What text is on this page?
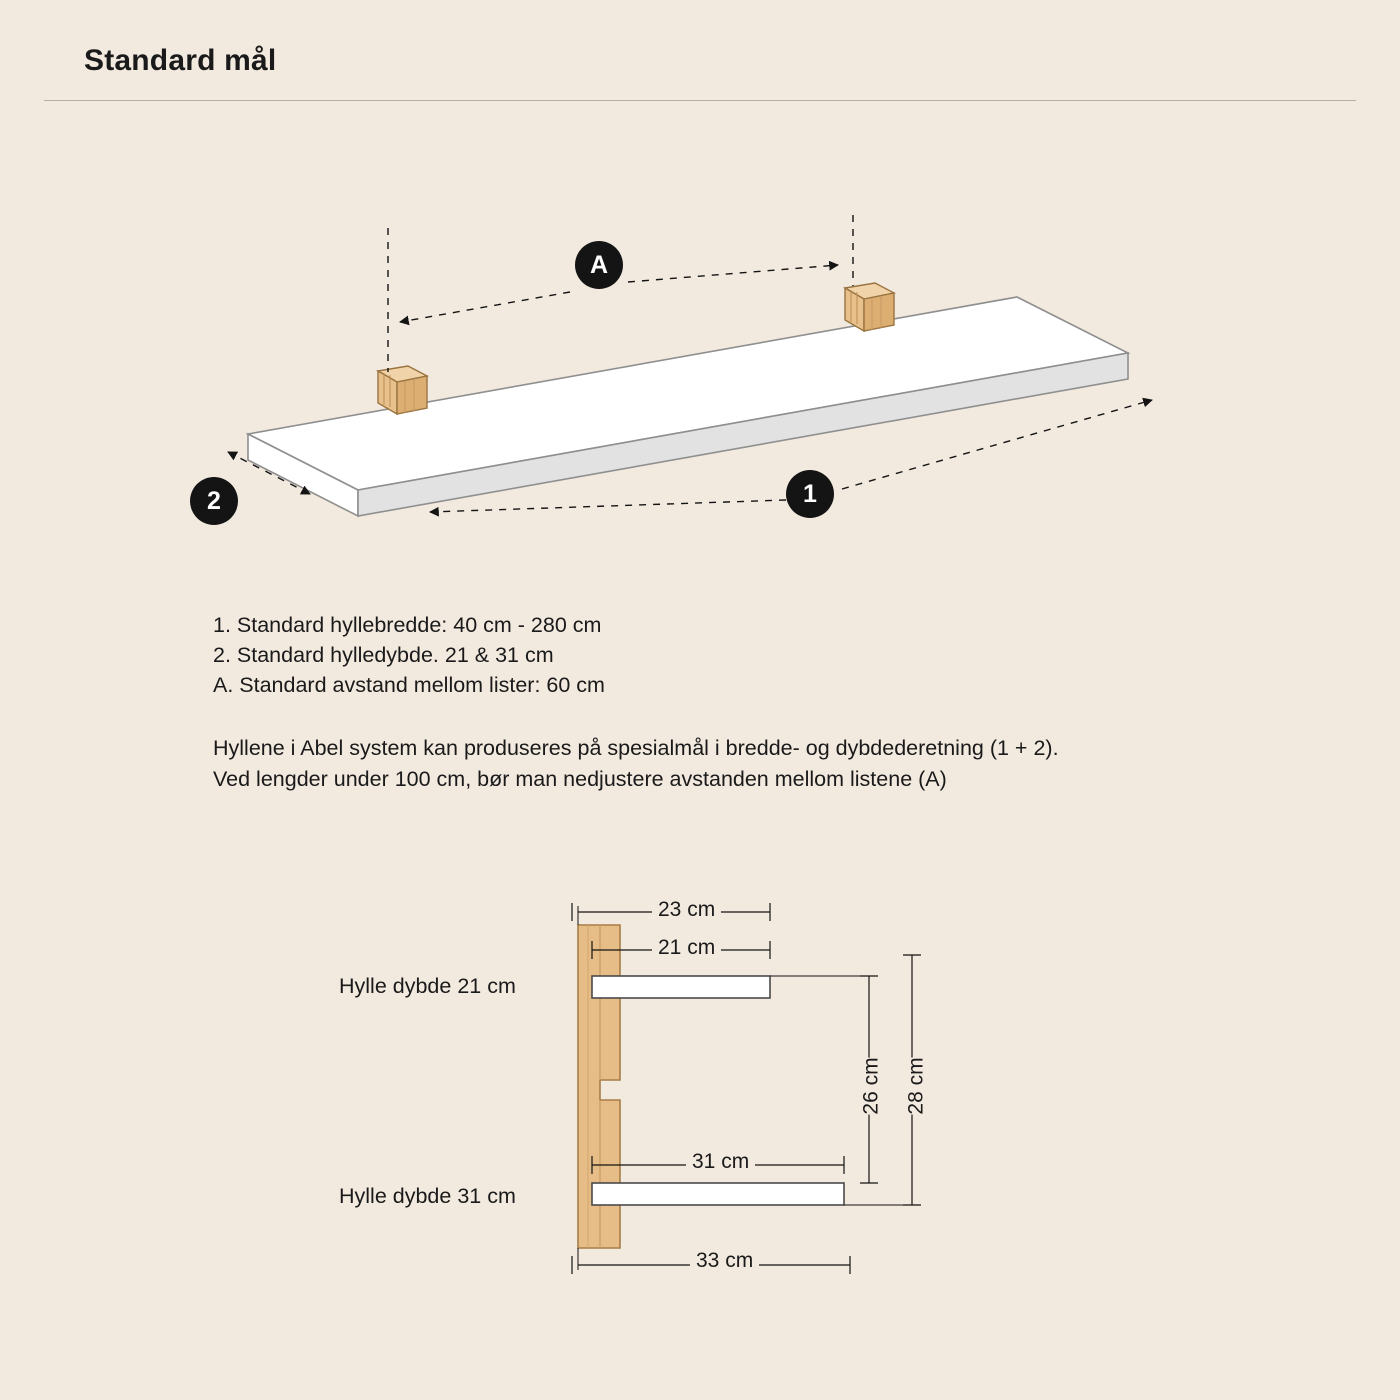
Standard mål
A
1
2
1. Standard hyllebredde: 40 cm - 280 cm
2. Standard hylledybde. 21 & 31 cm
A. Standard avstand mellom lister: 60 cm
Hyllene i Abel system kan produseres på spesialmål i bredde- og dybdederetning (1 + 2).
Ved lengder under 100 cm, bør man nedjustere avstanden mellom listene (A)
Hylle dybde 21 cm
Hylle dybde 31 cm
23 cm
21 cm
31 cm
33 cm
26 cm	28 cm
